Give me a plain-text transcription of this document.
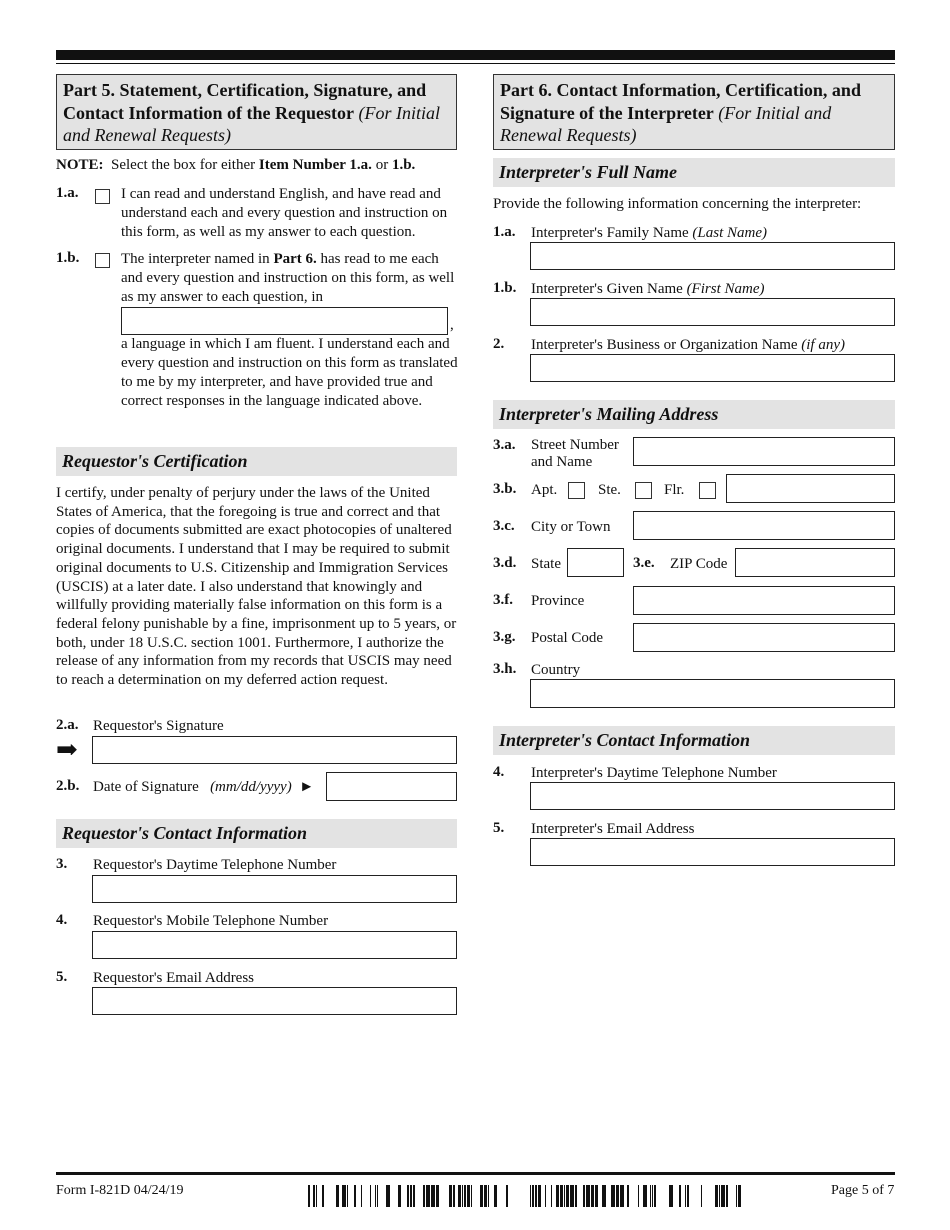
Part 5. Statement, Certification, Signature, and Contact Information of the Requestor (For Initial and Renewal Requests)
NOTE: Select the box for either Item Number 1.a. or 1.b.
1.a.	I can read and understand English, and have read and understand each and every question and instruction on this form, as well as my answer to each question.
1.b.	The interpreter named in Part 6. has read to me each and every question and instruction on this form, as well as my answer to each question, in
,
a language in which I am fluent. I understand each and every question and instruction on this form as translated to me by my interpreter, and have provided true and correct responses in the language indicated above.
Requestor's Certification
I certify, under penalty of perjury under the laws of the United States of America, that the foregoing is true and correct and that copies of documents submitted are exact photocopies of unaltered original documents. I understand that I may be required to submit original documents to U.S. Citizenship and Immigration Services (USCIS) at a later date. I also understand that knowingly and willfully providing materially false information on this form is a federal felony punishable by a fine, imprisonment up to 5 years, or both, under 18 U.S.C. section 1001. Furthermore, I authorize the release of any information from my records that USCIS may need to reach a determination on my deferred action request.
2.a. Requestor's Signature
➡
2.b. Date of Signature (mm/dd/yyyy) ►
Requestor's Contact Information
3. Requestor's Daytime Telephone Number
4. Requestor's Mobile Telephone Number
5. Requestor's Email Address
Part 6. Contact Information, Certification, and Signature of the Interpreter (For Initial and Renewal Requests)
Interpreter's Full Name
Provide the following information concerning the interpreter:
1.a. Interpreter's Family Name (Last Name)
1.b. Interpreter's Given Name (First Name)
2. Interpreter's Business or Organization Name (if any)
Interpreter's Mailing Address
3.a. Street Number
and Name
3.b. Apt.	Ste.	Flr.
3.c. City or Town
3.d. State	3.e. ZIP Code
3.f. Province
3.g. Postal Code
3.h. Country
Interpreter's Contact Information
4. Interpreter's Daytime Telephone Number
5. Interpreter's Email Address
Form I-821D 04/24/19	Page 5 of 7
